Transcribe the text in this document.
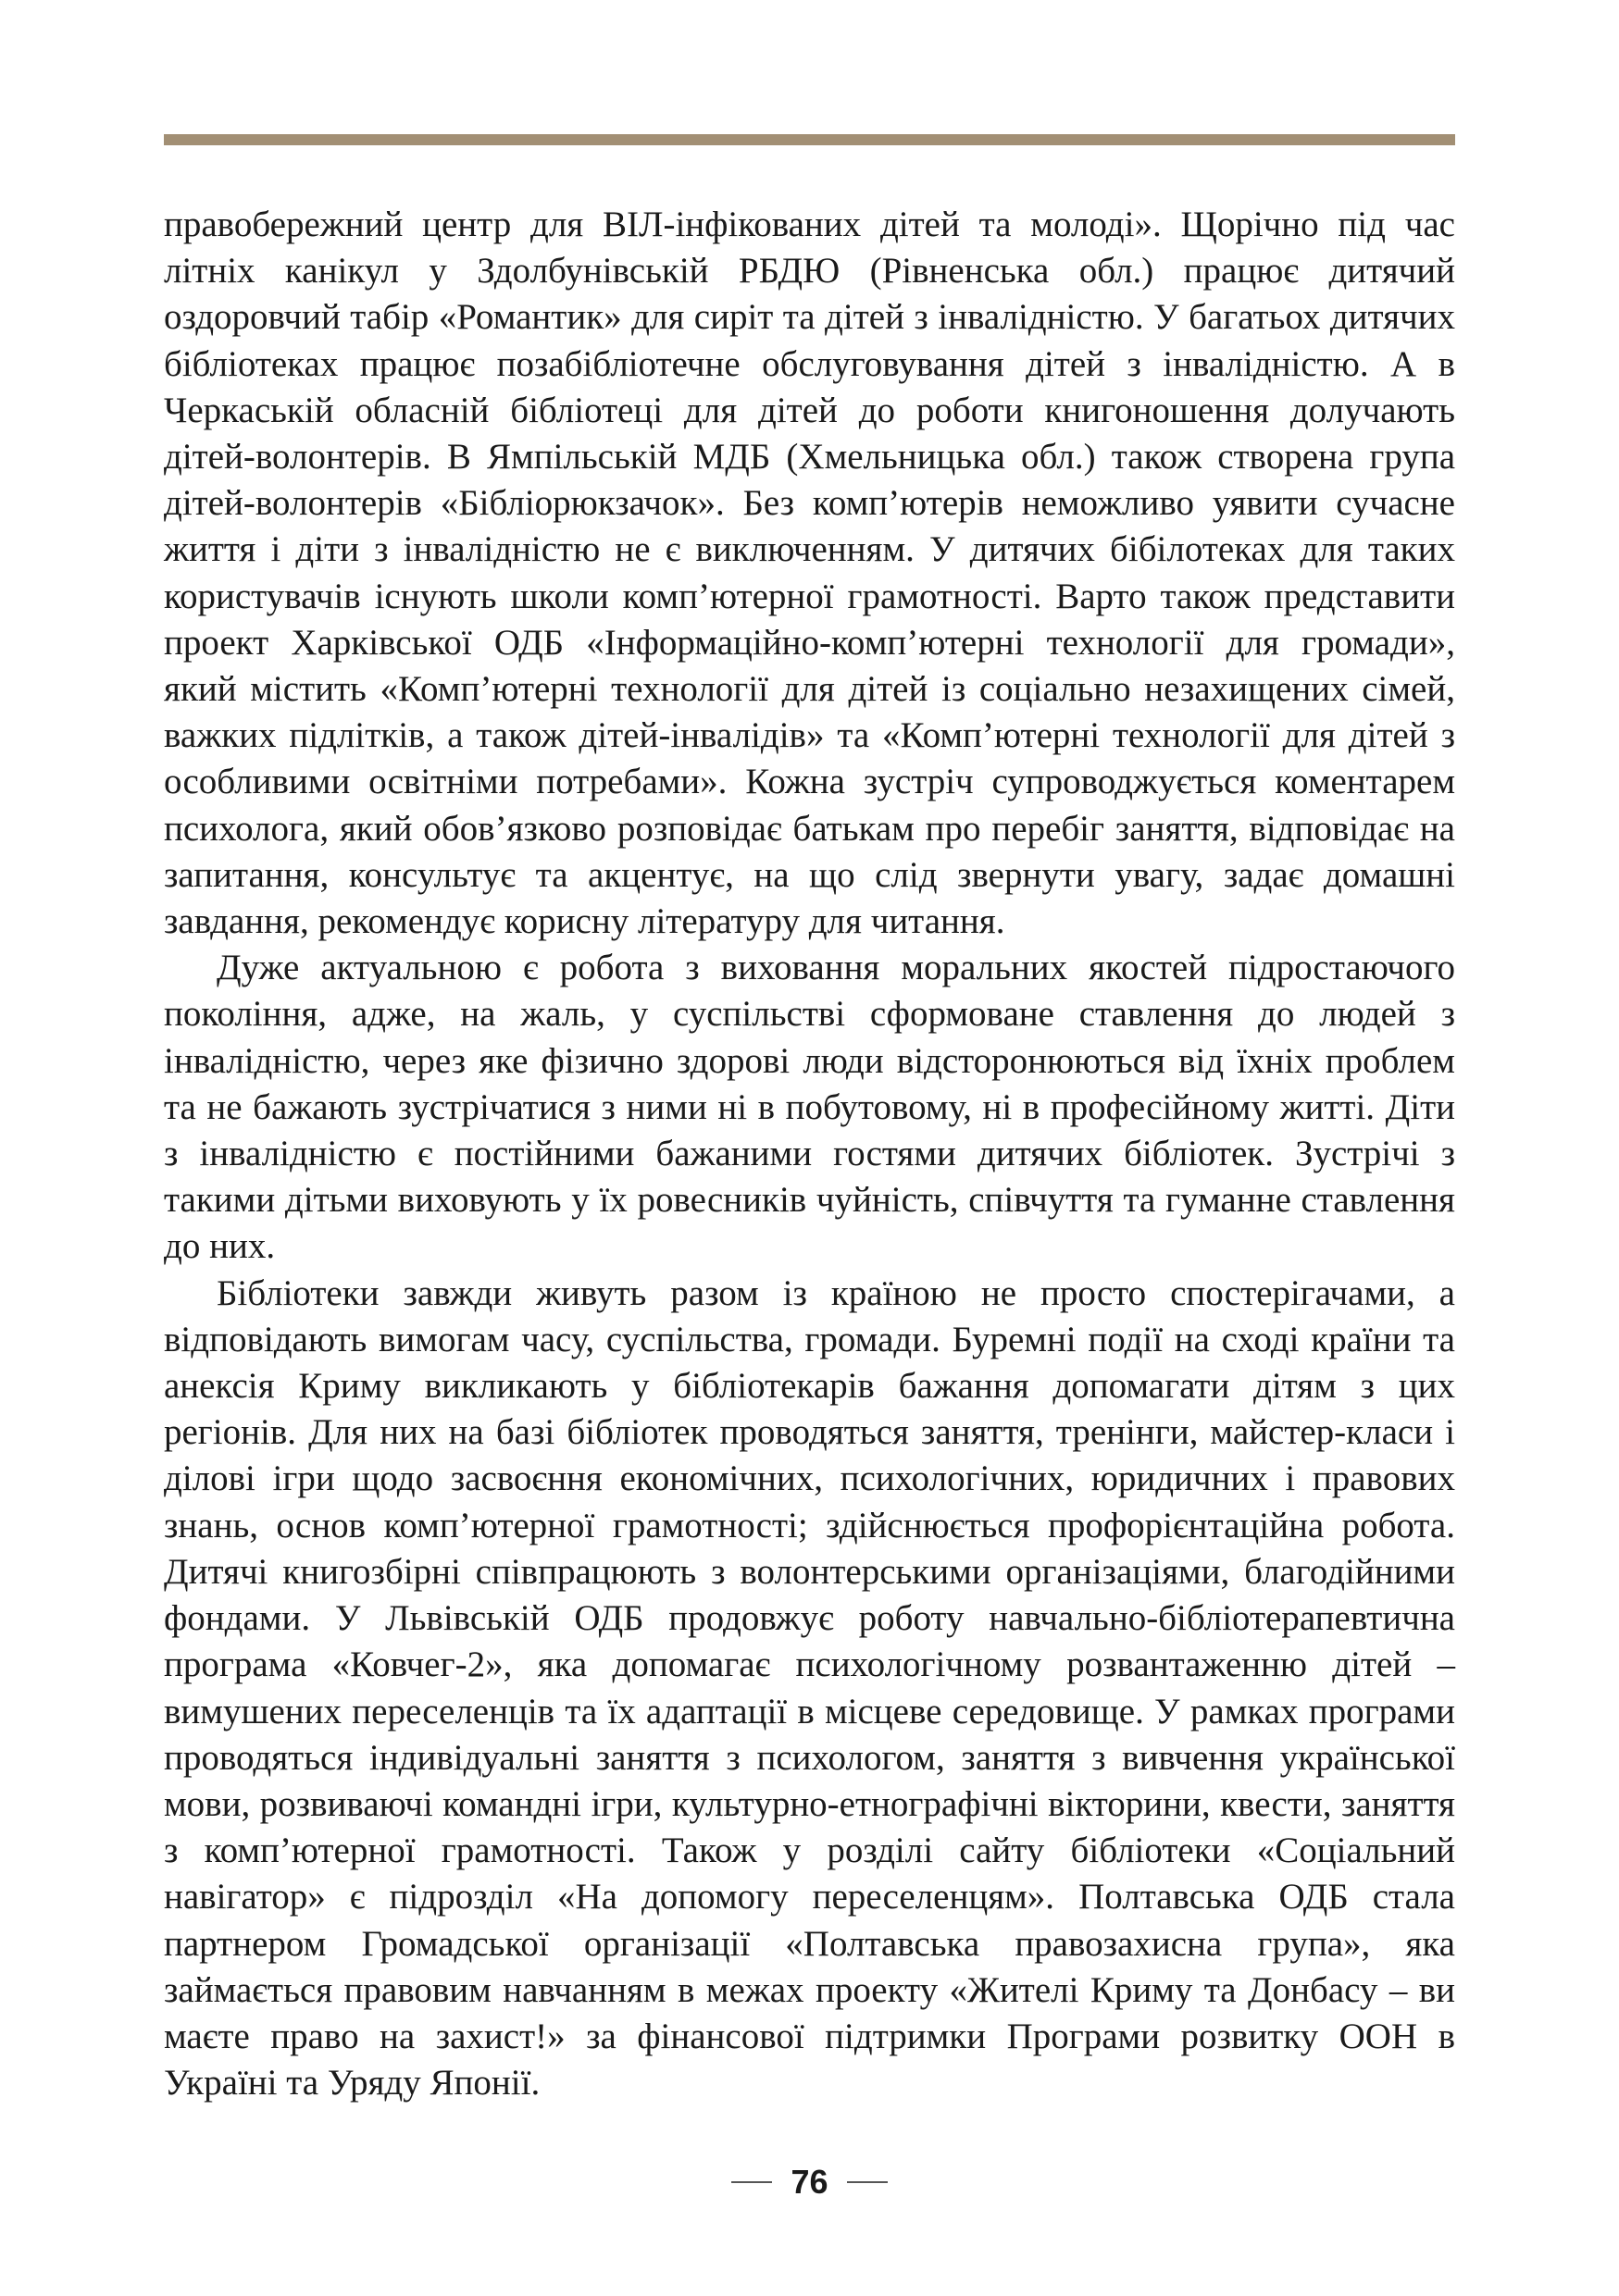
правобережний центр для ВІЛ-інфікованих дітей та молоді». Щорічно під час літніх канікул у Здолбунівській РБДЮ (Рівненська обл.) працює дитячий оздоровчий табір «Романтик» для сиріт та дітей з інвалідністю. У багатьох дитячих бібліотеках працює позабібліотечне обслуговування дітей з інвалідністю. А в Черкаській обласній бібліотеці для дітей до роботи книгоношення долучають дітей-волонтерів. В Ямпільській МДБ (Хмельницька обл.) також створена група дітей-волонтерів «Бібліорюкзачок». Без комп’ютерів неможливо уявити сучасне життя і діти з інвалідністю не є виключенням. У дитячих бібілотеках для таких користувачів існують школи комп’ютерної грамотності. Варто також представити проект Харківської ОДБ «Інформаційно-комп’ютерні технології для громади», який містить «Комп’ютерні технології для дітей із соціально незахищених сімей, важких підлітків, а також дітей-інвалідів» та «Комп’ютерні технології для дітей з особливими освітніми потребами». Кожна зустріч супроводжується коментарем психолога, який обов’язково розповідає батькам про перебіг заняття, відповідає на запитання, консультує та акцентує, на що слід звернути увагу, задає домашні завдання, рекомендує корисну літературу для читання.

Дуже актуальною є робота з виховання моральних якостей підростаючого покоління, адже, на жаль, у суспільстві сформоване ставлення до людей з інвалідністю, через яке фізично здорові люди відсторонюються від їхніх проблем та не бажають зустрічатися з ними ні в побутовому, ні в професійному житті. Діти з інвалідністю є постійними бажаними гостями дитячих бібліотек. Зустрічі з такими дітьми виховують у їх ровесників чуйність, співчуття та гуманне ставлення до них.

Бібліотеки завжди живуть разом із країною не просто спостерігачами, а відповідають вимогам часу, суспільства, громади. Буремні події на сході країни та анексія Криму викликають у бібліотекарів бажання допомагати дітям з цих регіонів. Для них на базі бібліотек проводяться заняття, тренінги, майстер-класи і ділові ігри щодо засвоєння економічних, психологічних, юридичних і правових знань, основ комп’ютерної грамотності; здійснюється профорієнтаційна робота. Дитячі книгозбірні співпрацюють з волонтерськими організаціями, благодійними фондами. У Львівській ОДБ продовжує роботу навчально-бібліотерапевтична програма «Ковчег-2», яка допомагає психологічному розвантаженню дітей – вимушених переселенців та їх адаптації в місцеве середовище. У рамках програми проводяться індивідуальні заняття з психологом, заняття з вивчення української мови, розвиваючі командні ігри, культурно-етнографічні вікторини, квести, заняття з комп’ютерної грамотності. Також у розділі сайту бібліотеки «Соціальний навігатор» є підрозділ «На допомогу переселенцям». Полтавська ОДБ стала партнером Громадської організації «Полтавська правозахисна група», яка займається правовим навчанням в межах проекту «Жителі Криму та Донбасу – ви маєте право на захист!» за фінансової підтримки Програми розвитку ООН в Україні та Уряду Японії.

76
